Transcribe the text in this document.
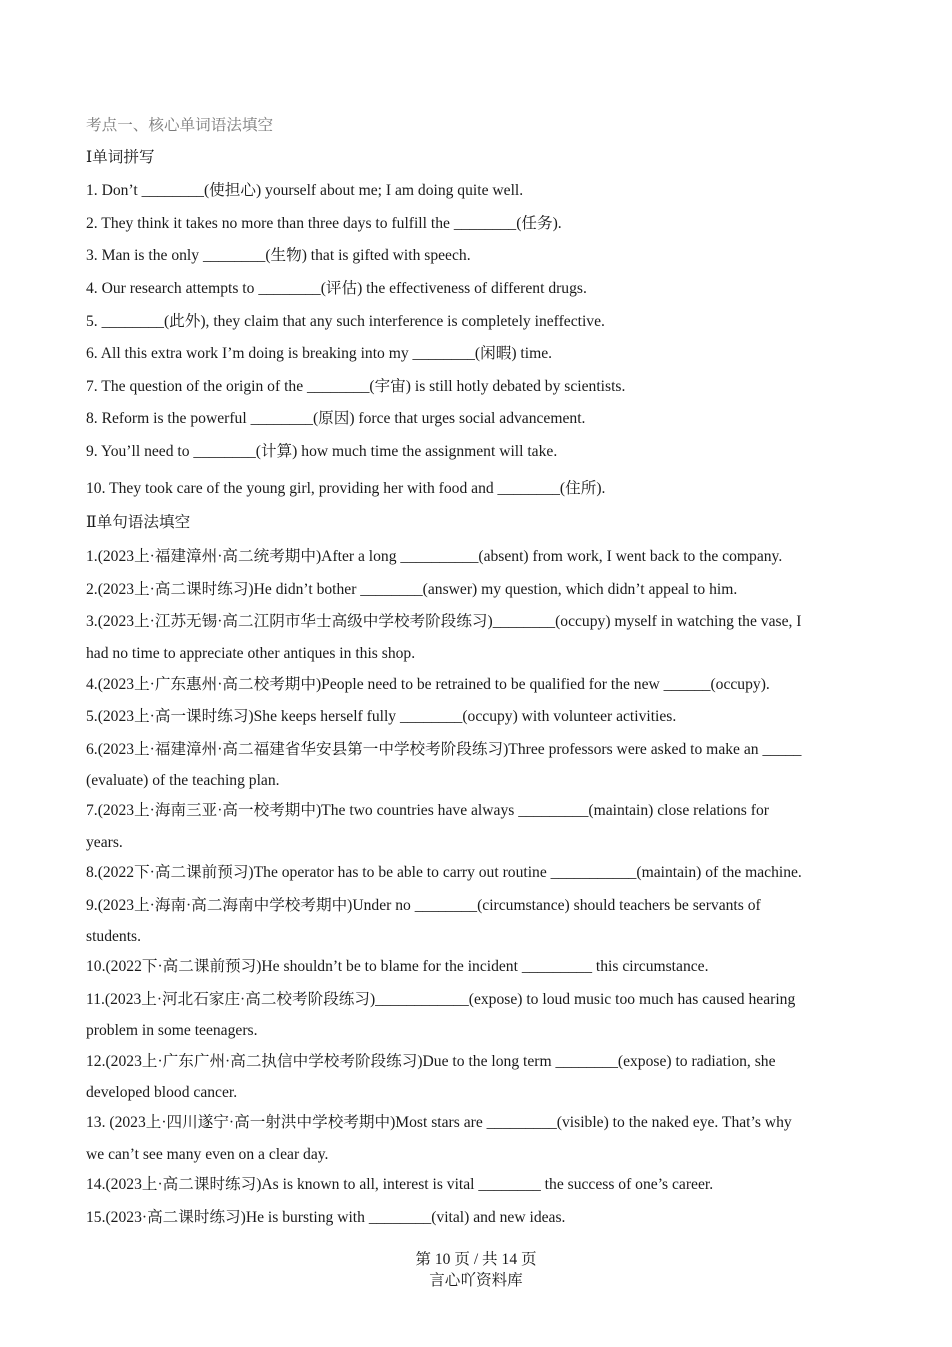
考点一、核心单词语法填空
Ⅰ单词拼写
1. Don’t ________(使担心) yourself about me; I am doing quite well.
2. They think it takes no more than three days to fulfill the ________(任务).
3. Man is the only ________(生物) that is gifted with speech.
4. Our research attempts to ________(评估) the effectiveness of different drugs.
5. ________(此外), they claim that any such interference is completely ineffective.
6. All this extra work I’m doing is breaking into my ________(闲暇) time.
7. The question of the origin of the ________(宇宙) is still hotly debated by scientists.
8. Reform is the powerful ________(原因) force that urges social advancement.
9. You’ll need to ________(计算) how much time the assignment will take.
10. They took care of the young girl, providing her with food and ________(住所).
Ⅱ单句语法填空
1.(2023上·福建漳州·高二统考期中)After a long __________(absent) from work, I went back to the company.
2.(2023上·高二课时练习)He didn’t bother ________(answer) my question, which didn’t appeal to him.
3.(2023上·江苏无锡·高二江阴市华士高级中学校考阶段练习)________(occupy) myself in watching the vase, I
had no time to appreciate other antiques in this shop.
4.(2023上·广东惠州·高二校考期中)People need to be retrained to be qualified for the new ______(occupy).
5.(2023上·高一课时练习)She keeps herself fully ________(occupy) with volunteer activities.
6.(2023上·福建漳州·高二福建省华安县第一中学校考阶段练习)Three professors were asked to make an _____
(evaluate) of the teaching plan.
7.(2023上·海南三亚·高一校考期中)The two countries have always _________(maintain) close relations for
years.
8.(2022下·高二课前预习)The operator has to be able to carry out routine ___________(maintain) of the machine.
9.(2023上·海南·高二海南中学校考期中)Under no ________(circumstance) should teachers be servants of
students.
10.(2022下·高二课前预习)He shouldn’t be to blame for the incident _________ this circumstance.
11.(2023上·河北石家庄·高二校考阶段练习)____________(expose) to loud music too much has caused hearing
problem in some teenagers.
12.(2023上·广东广州·高二执信中学校考阶段练习)Due to the long term ________(expose) to radiation, she
developed blood cancer.
13. (2023上·四川遂宁·高一射洪中学校考期中)Most stars are _________(visible) to the naked eye. That’s why
we can’t see many even on a clear day.
14.(2023上·高二课时练习)As is known to all, interest is vital ________ the success of one’s career.
15.(2023·高二课时练习)He is bursting with ________(vital) and new ideas.
第 10 页 / 共 14 页
言心吖资料库
